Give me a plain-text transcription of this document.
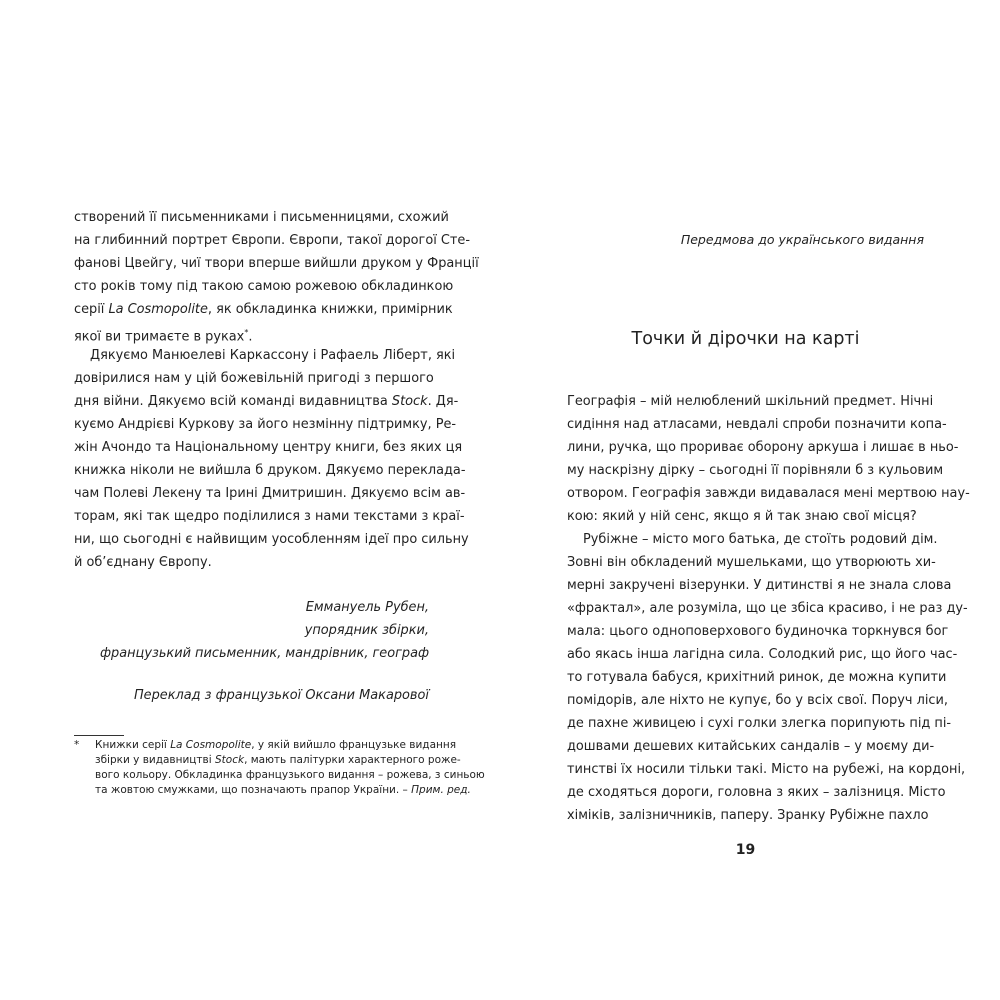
створений її письменниками і письменницями, схожий
на глибинний портрет Європи. Європи, такої дорогої Сте-
фанові Цвейгу, чиї твори вперше вийшли друком у Франції
сто років тому під такою самою рожевою обкладинкою
серії La Cosmopolite, як обкладинка книжки, примірник
якої ви тримаєте в руках*.
Дякуємо Манюелеві Каркассону і Рафаель Ліберт, які
довірилися нам у цій божевільній пригоді з першого
дня війни. Дякуємо всій команді видавництва Stock. Дя-
куємо Андрієві Куркову за його незмінну підтримку, Ре-
жін Ачондо та Національному центру книги, без яких ця
книжка ніколи не вийшла б друком. Дякуємо переклада-
чам Полеві Лекену та Ірині Дмитришин. Дякуємо всім ав-
торам, які так щедро поділилися з нами текстами з краї-
ни, що сьогодні є найвищим уособленням ідеї про сильну
й об’єднану Європу.
Еммануель Рубен,
упорядник збірки,
французький письменник, мандрівник, географ
Переклад з французької Оксани Макарової
* Книжки серії La Cosmopolite, у якій вийшло французьке видання
збірки у видавництві Stock, мають палітурки характерного роже-
вого кольору. Обкладинка французького видання – рожева, з синьою
та жовтою смужками, що позначають прапор України. – Прим. ред.
Передмова до українського видання
Точки й дірочки на карті
Географія – мій нелюблений шкільний предмет. Нічні
сидіння над атласами, невдалі спроби позначити копа-
лини, ручка, що прориває оборону аркуша і лишає в ньо-
му наскрізну дірку – сьогодні її порівняли б з кульовим
отвором. Географія завжди видавалася мені мертвою нау-
кою: який у ній сенс, якщо я й так знаю свої місця?
Рубіжне – місто мого батька, де стоїть родовий дім.
Зовні він обкладений мушельками, що утворюють хи-
мерні закручені візерунки. У дитинстві я не знала слова
«фрактал», але розуміла, що це збіса красиво, і не раз ду-
мала: цього одноповерхового будиночка торкнувся бог
або якась інша лагідна сила. Солодкий рис, що його час-
то готувала бабуся, крихітний ринок, де можна купити
помідорів, але ніхто не купує, бо у всіх свої. Поруч ліси,
де пахне живицею і сухі голки злегка порипують під пі-
дошвами дешевих китайських сандалів – у моєму ди-
тинстві їх носили тільки такі. Місто на рубежі, на кордоні,
де сходяться дороги, головна з яких – залізниця. Місто
хіміків, залізничників, паперу. Зранку Рубіжне пахло
19
